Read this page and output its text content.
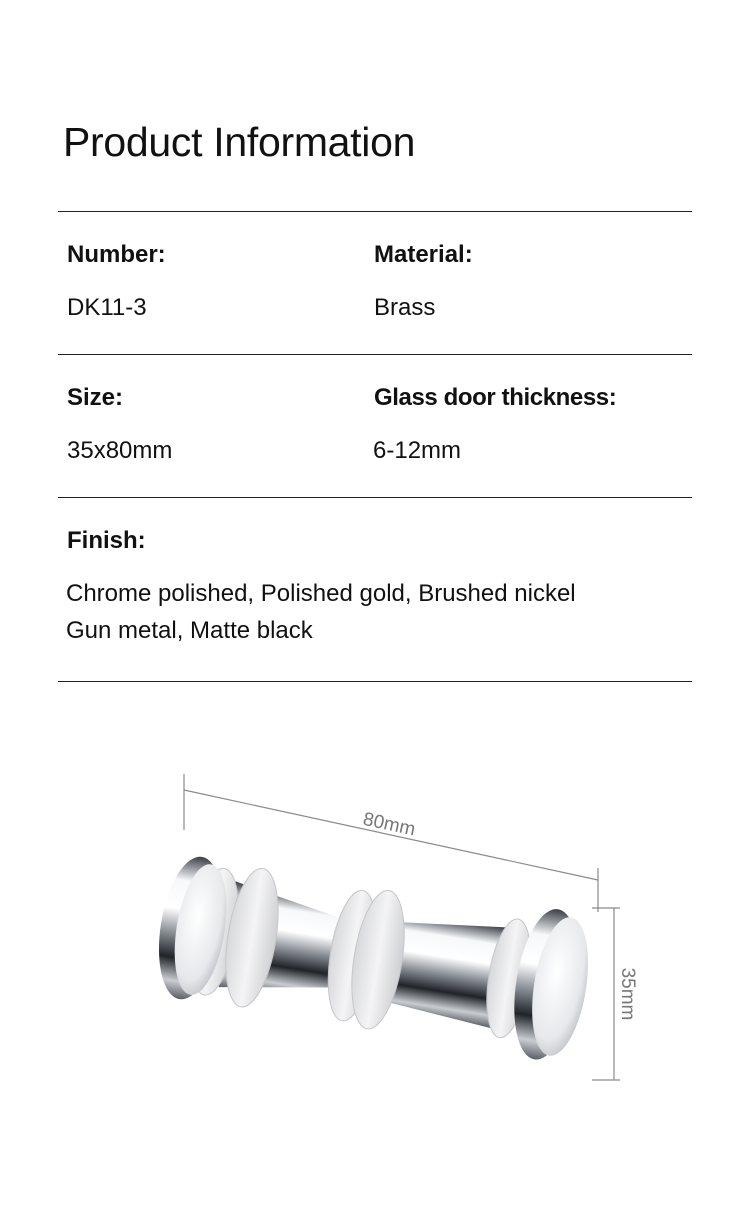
Product Information
Number:	Material:
DK11-3	Brass
Size:	Glass door thickness:
35x80mm	6-12mm
Finish:
Chrome polished, Polished gold, Brushed nickel
Gun metal, Matte black
80mm
35mm
